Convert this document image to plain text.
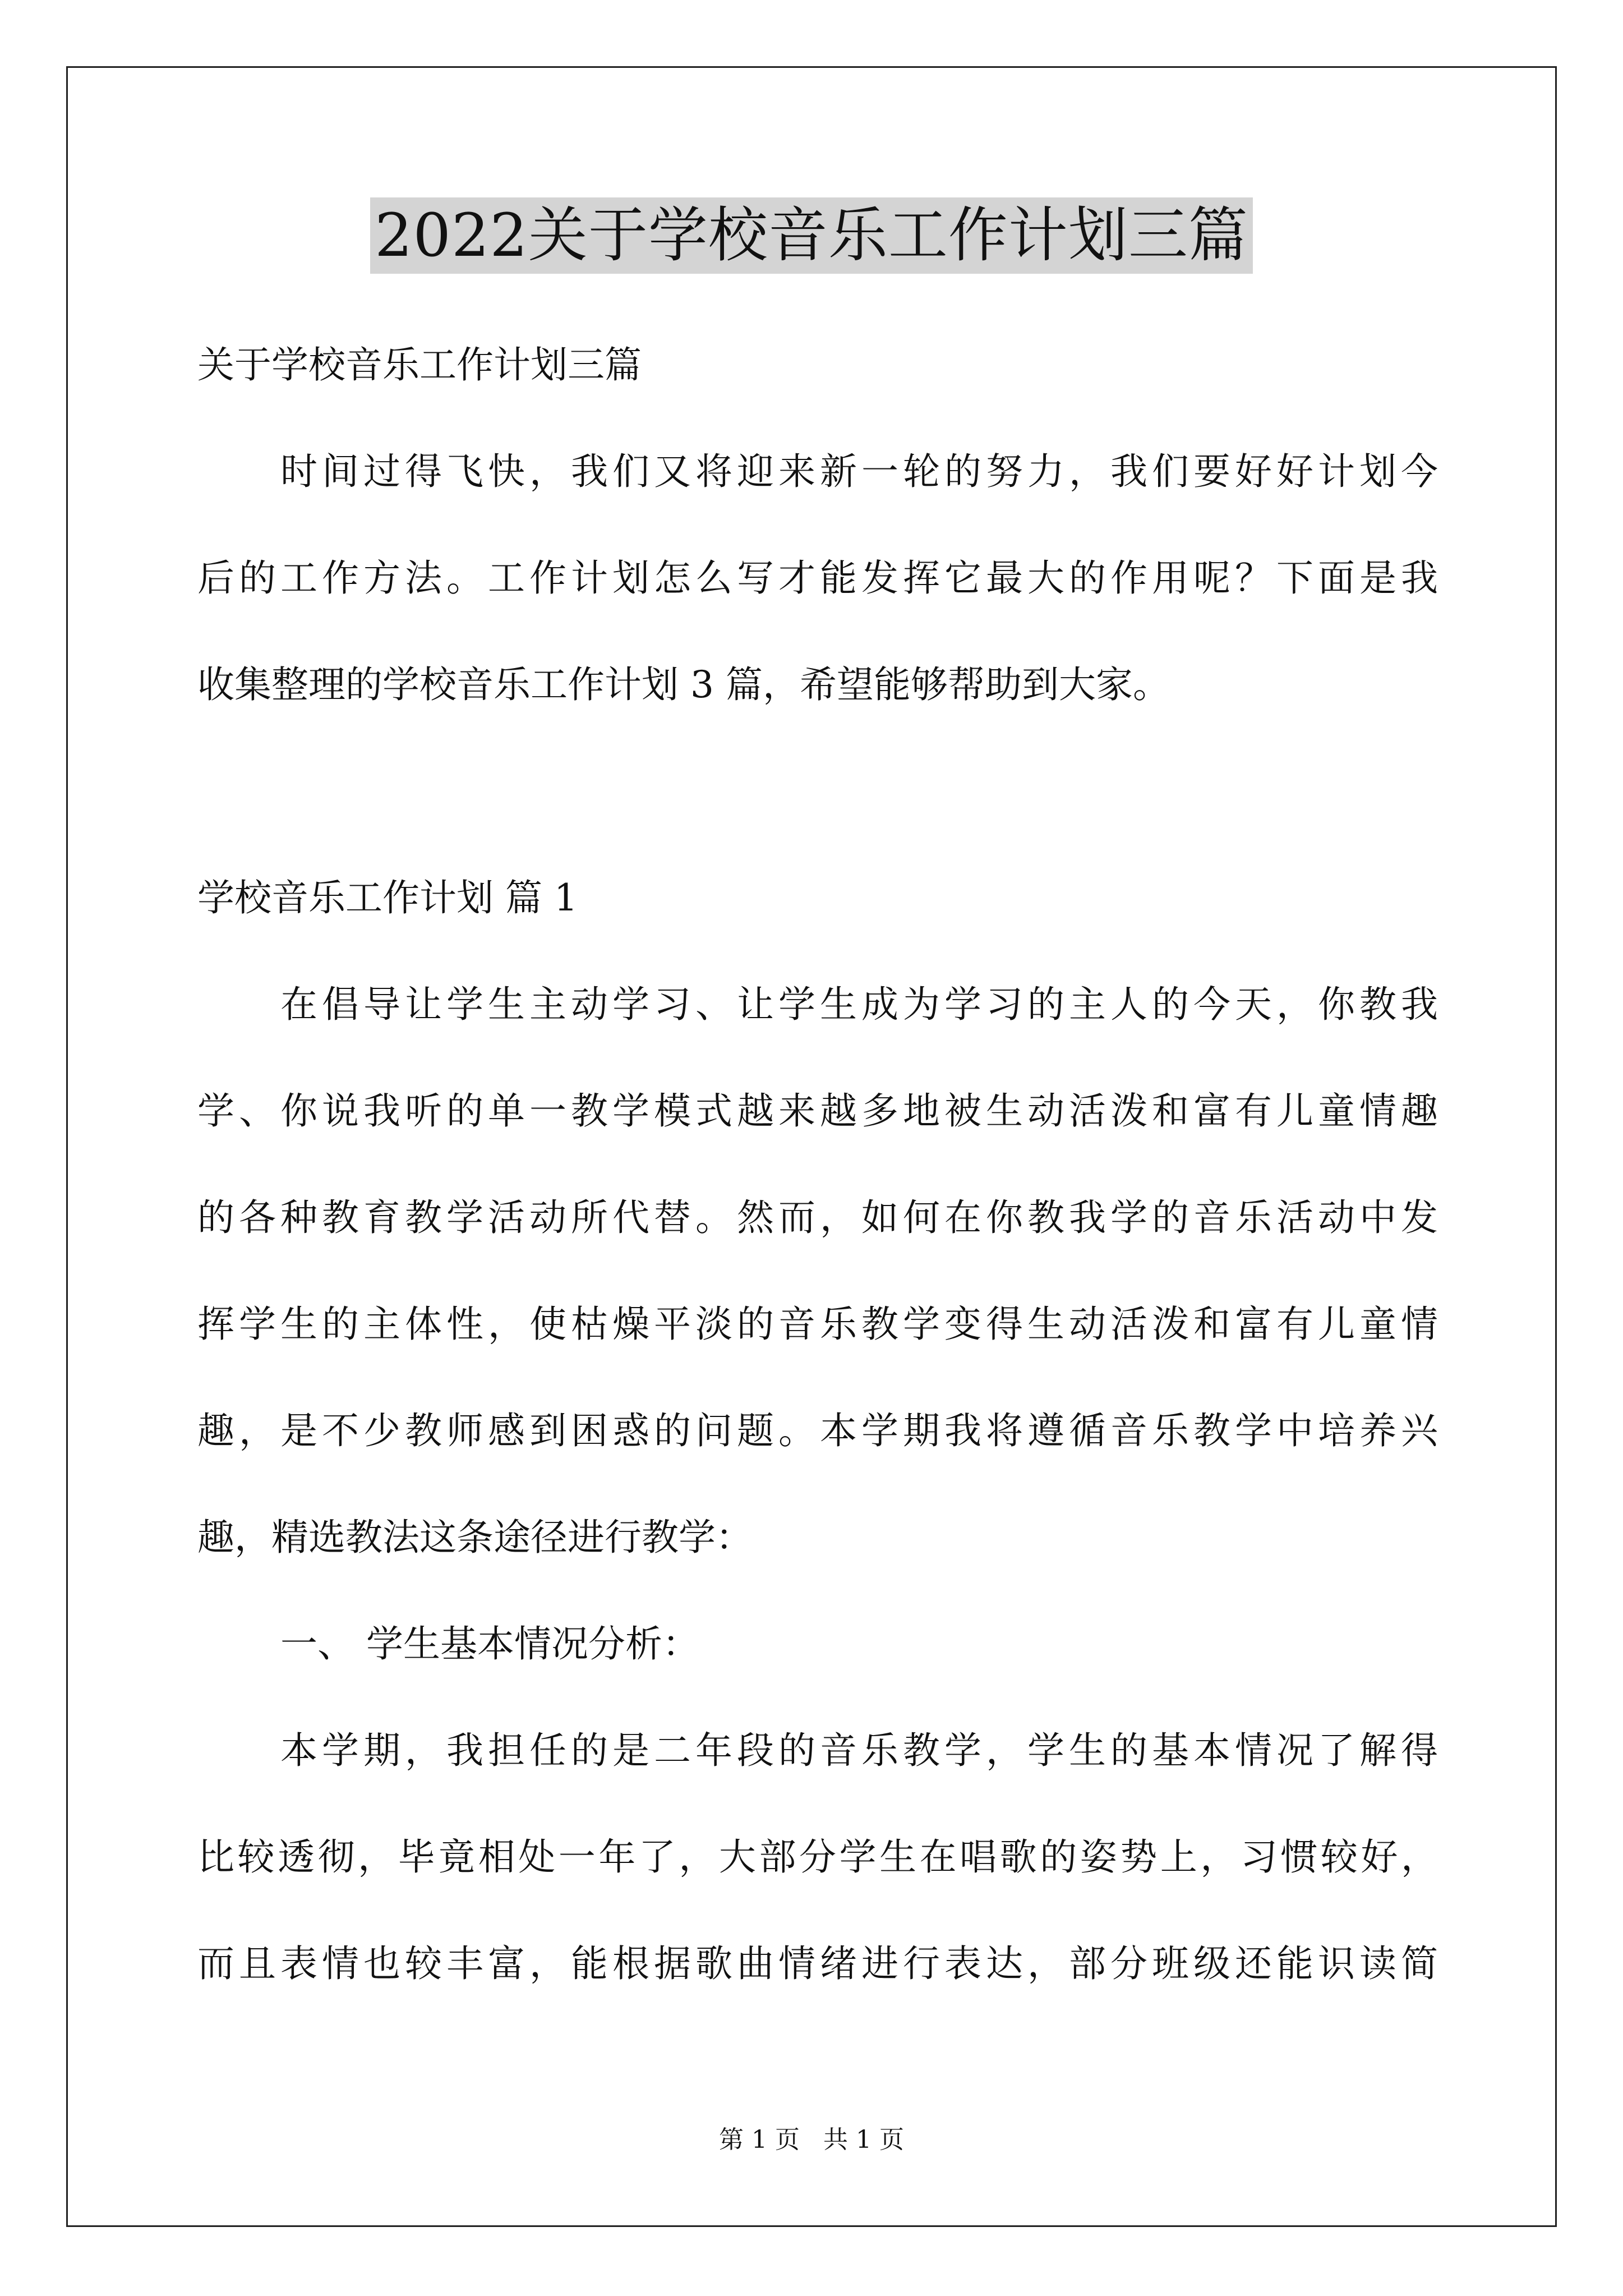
2022关于学校音乐工作计划三篇
关于学校音乐工作计划三篇
时间过得飞快，我们又将迎来新一轮的努力，我们要好好计划今
后的工作方法。工作计划怎么写才能发挥它最大的作用呢？下面是我
收集整理的学校音乐工作计划 3 篇，希望能够帮助到大家。
学校音乐工作计划 篇 1
在倡导让学生主动学习、让学生成为学习的主人的今天，你教我
学、你说我听的单一教学模式越来越多地被生动活泼和富有儿童情趣
的各种教育教学活动所代替。然而，如何在你教我学的音乐活动中发
挥学生的主体性，使枯燥平淡的音乐教学变得生动活泼和富有儿童情
趣，是不少教师感到困惑的问题。本学期我将遵循音乐教学中培养兴
趣，精选教法这条途径进行教学：
一、 学生基本情况分析：
本学期，我担任的是二年段的音乐教学，学生的基本情况了解得
比较透彻，毕竟相处一年了，大部分学生在唱歌的姿势上，习惯较好，
而且表情也较丰富，能根据歌曲情绪进行表达，部分班级还能识读简
第 1 页 共 1 页
